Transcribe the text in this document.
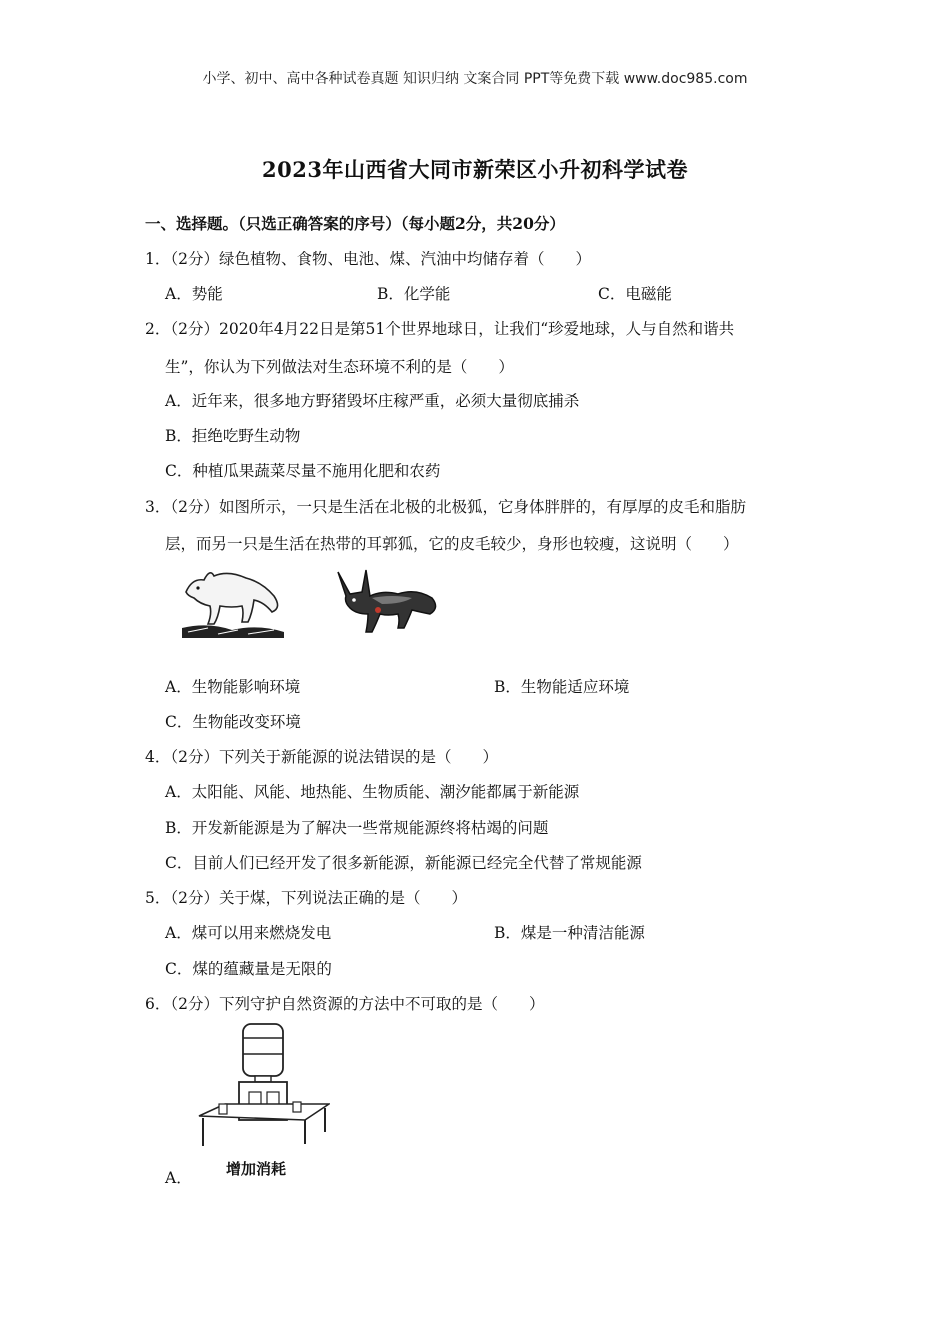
小学、初中、高中各种试卷真题 知识归纳 文案合同 PPT等免费下载 www.doc985.com
2023年山西省大同市新荣区小升初科学试卷
一、选择题。（只选正确答案的序号）（每小题2分，共20分）
1．（2分）绿色植物、食物、电池、煤、汽油中均储存着（　　）
A．势能	B．化学能	C．电磁能
2．（2分）2020年4月22日是第51个世界地球日，让我们“珍爱地球，人与自然和谐共
生”，你认为下列做法对生态环境不利的是（　　）
A．近年来，很多地方野猪毁坏庄稼严重，必须大量彻底捕杀
B．拒绝吃野生动物
C．种植瓜果蔬菜尽量不施用化肥和农药
3．（2分）如图所示，一只是生活在北极的北极狐，它身体胖胖的，有厚厚的皮毛和脂肪
层，而另一只是生活在热带的耳郭狐，它的皮毛较少，身形也较瘦，这说明（　　）
A．生物能影响环境	B．生物能适应环境
C．生物能改变环境
4．（2分）下列关于新能源的说法错误的是（　　）
A．太阳能、风能、地热能、生物质能、潮汐能都属于新能源
B．开发新能源是为了解决一些常规能源终将枯竭的问题
C．目前人们已经开发了很多新能源，新能源已经完全代替了常规能源
5．（2分）关于煤，下列说法正确的是（　　）
A．煤可以用来燃烧发电	B．煤是一种清洁能源
C．煤的蕴藏量是无限的
6．（2分）下列守护自然资源的方法中不可取的是（　　）
增加消耗
A．
